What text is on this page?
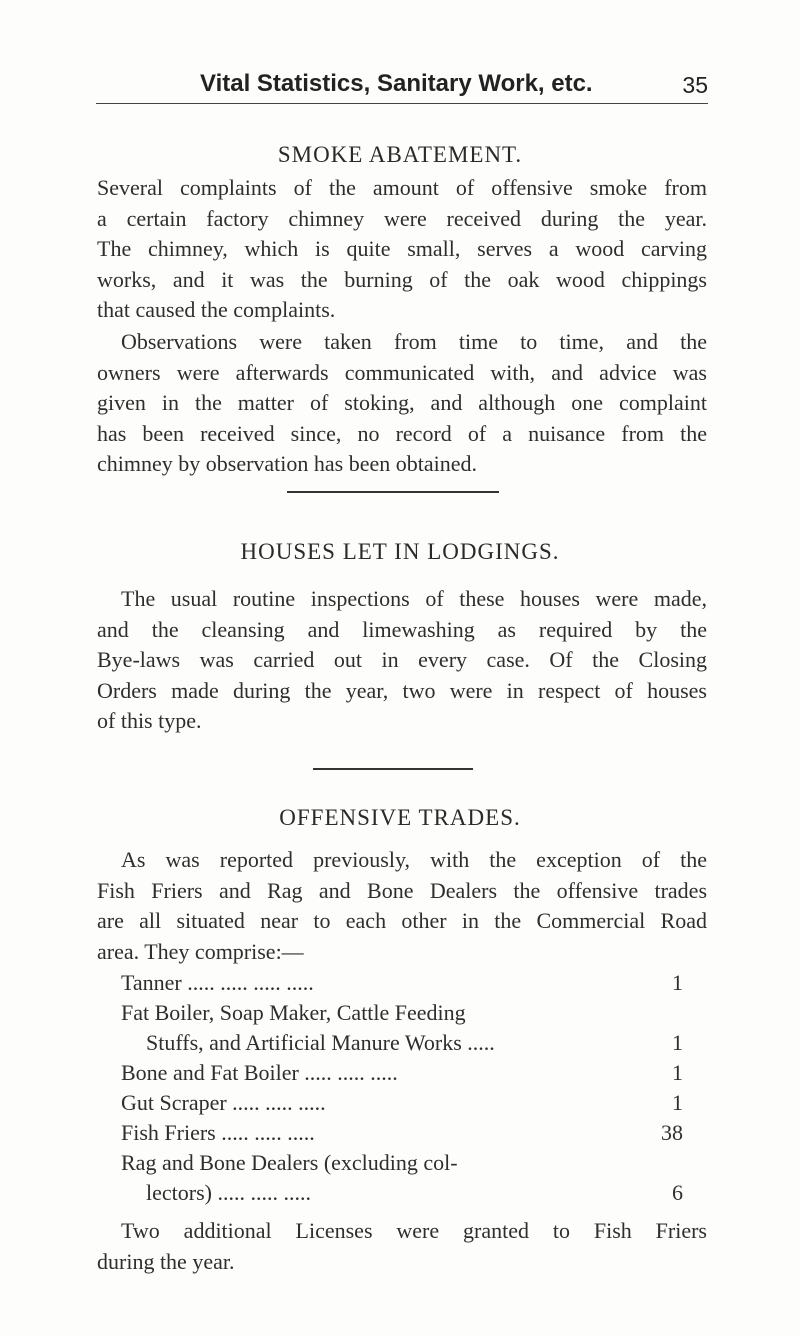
Vital Statistics, Sanitary Work, etc.	35
SMOKE ABATEMENT.

Several complaints of the amount of offensive smoke from
a certain factory chimney were received during the year.
The chimney, which is quite small, serves a wood carving
works, and it was the burning of the oak wood chippings
that caused the complaints.

Observations were taken from time to time, and the
owners were afterwards communicated with, and advice was
given in the matter of stoking, and although one complaint
has been received since, no record of a nuisance from the
chimney by observation has been obtained.

HOUSES LET IN LODGINGS.

The usual routine inspections of these houses were made,
and the cleansing and limewashing as required by the
Bye-laws was carried out in every case. Of the Closing
Orders made during the year, two were in respect of houses
of this type.

OFFENSIVE TRADES.

As was reported previously, with the exception of the
Fish Friers and Rag and Bone Dealers the offensive trades
are all situated near to each other in the Commercial Road
area. They comprise:—

Tanner ..... ..... ..... .....	1
Fat Boiler, Soap Maker, Cattle Feeding
Stuffs, and Artificial Manure Works .....	1
Bone and Fat Boiler ..... ..... .....	1
Gut Scraper ..... ..... .....	1
Fish Friers ..... ..... .....	38
Rag and Bone Dealers (excluding col-
lectors) ..... ..... .....	6

Two additional Licenses were granted to Fish Friers
during the year.
